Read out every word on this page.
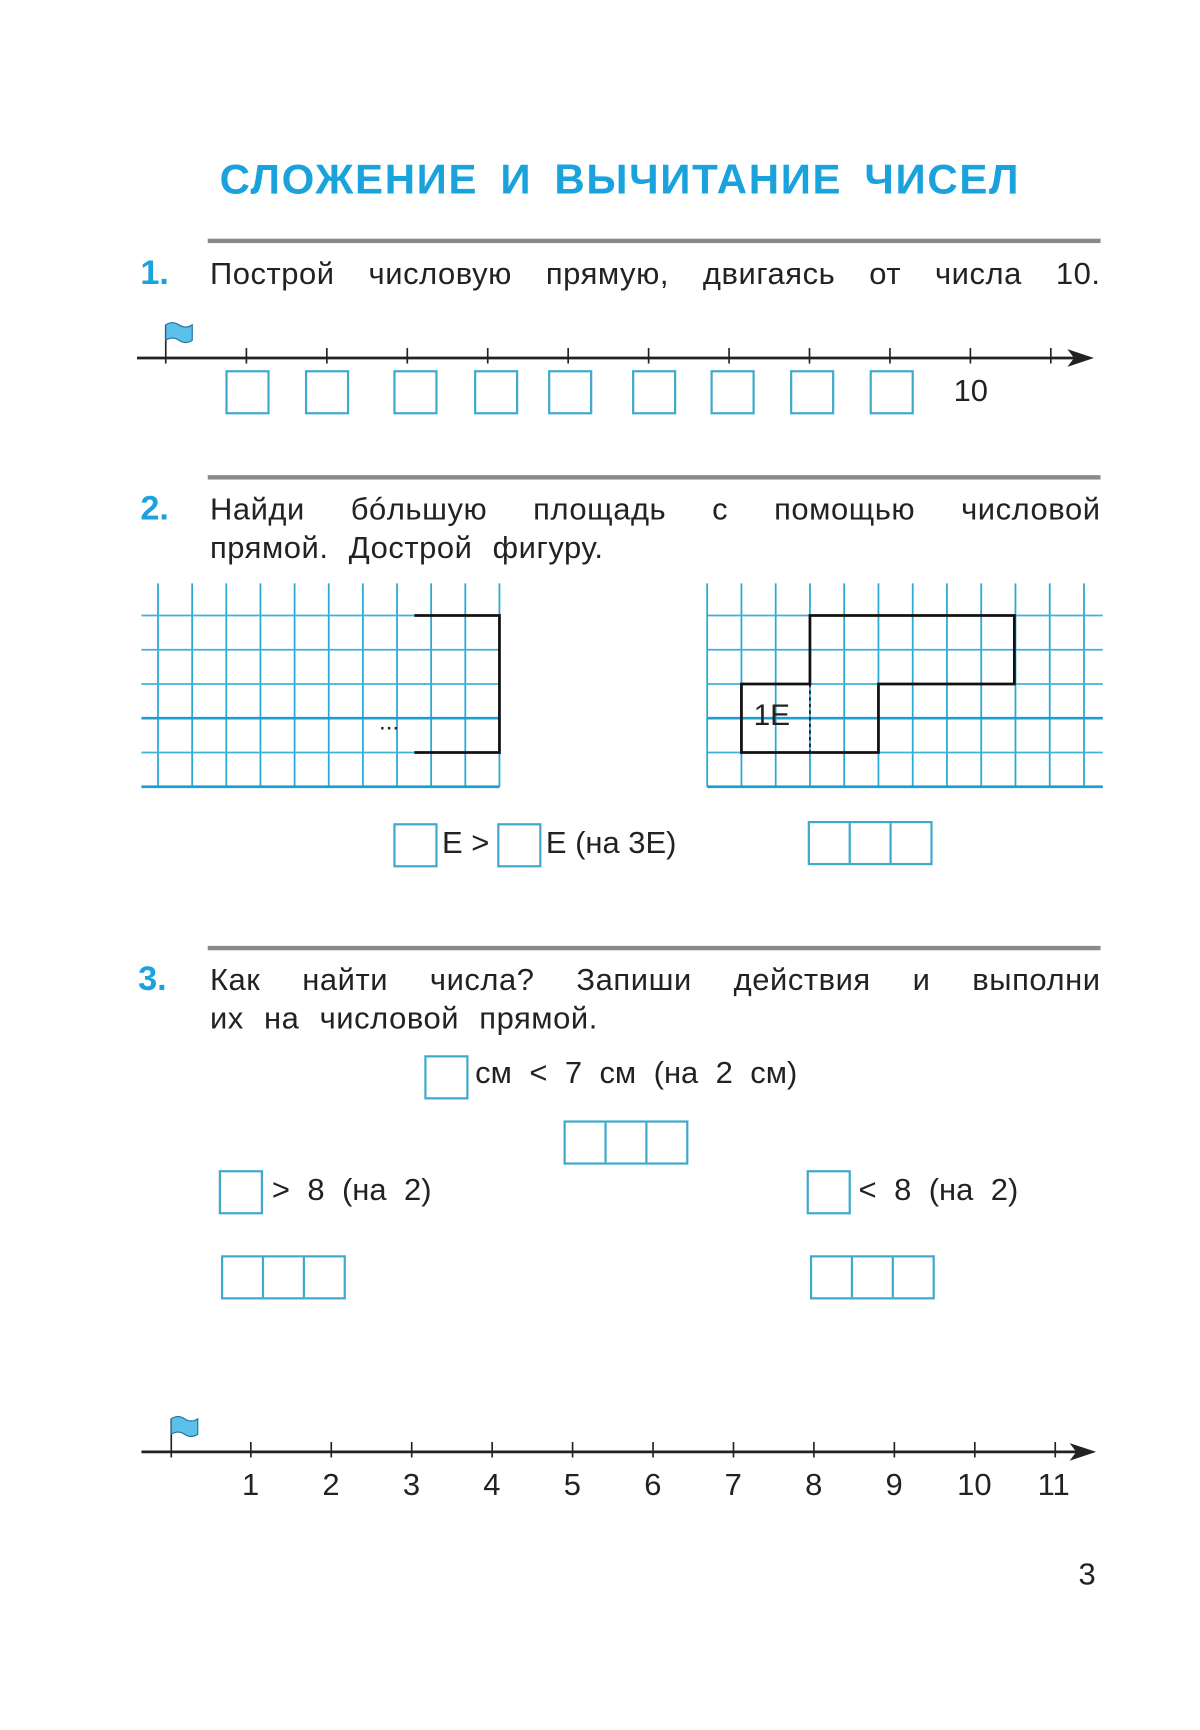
СЛОЖЕНИЕ И ВЫЧИТАНИЕ ЧИСЕЛ
1. Построй числовую прямую, двигаясь от числа 10.
10
2. Найди бóльшую площадь с помощью числовой
прямой. Дострой фигуру.
...	1Е
Е > Е (на 3Е)
3. Как найти числа? Запиши действия и выполни
их на числовой прямой.
см < 7 см (на 2 см)
> 8 (на 2)	< 8 (на 2)
1 2 3 4 5 6 7 8 9 10 11
3
